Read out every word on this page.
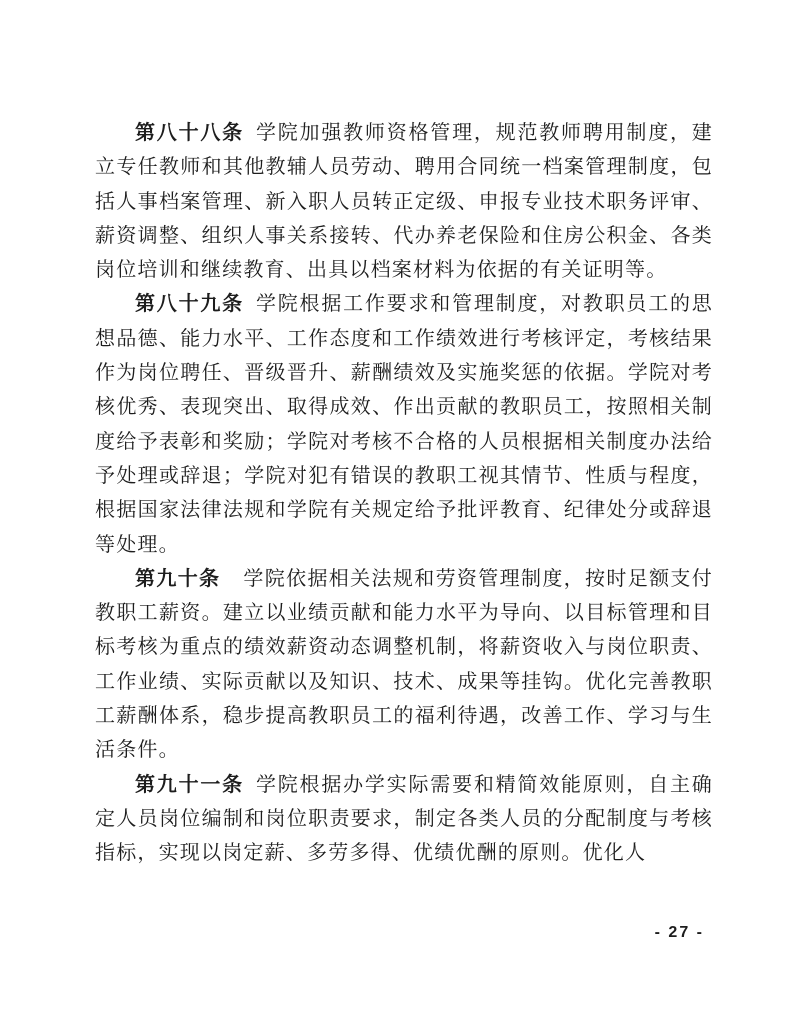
第八十八条 学院加强教师资格管理，规范教师聘用制度，建立专任教师和其他教辅人员劳动、聘用合同统一档案管理制度，包括人事档案管理、新入职人员转正定级、申报专业技术职务评审、薪资调整、组织人事关系接转、代办养老保险和住房公积金、各类岗位培训和继续教育、出具以档案材料为依据的有关证明等。

第八十九条 学院根据工作要求和管理制度，对教职员工的思想品德、能力水平、工作态度和工作绩效进行考核评定，考核结果作为岗位聘任、晋级晋升、薪酬绩效及实施奖惩的依据。学院对考核优秀、表现突出、取得成效、作出贡献的教职员工，按照相关制度给予表彰和奖励；学院对考核不合格的人员根据相关制度办法给予处理或辞退；学院对犯有错误的教职工视其情节、性质与程度，根据国家法律法规和学院有关规定给予批评教育、纪律处分或辞退等处理。

第九十条 学院依据相关法规和劳资管理制度，按时足额支付教职工薪资。建立以业绩贡献和能力水平为导向、以目标管理和目标考核为重点的绩效薪资动态调整机制，将薪资收入与岗位职责、工作业绩、实际贡献以及知识、技术、成果等挂钩。优化完善教职工薪酬体系，稳步提高教职员工的福利待遇，改善工作、学习与生活条件。

第九十一条 学院根据办学实际需要和精简效能原则，自主确定人员岗位编制和岗位职责要求，制定各类人员的分配制度与考核指标，实现以岗定薪、多劳多得、优绩优酬的原则。优化人

- 27 -
